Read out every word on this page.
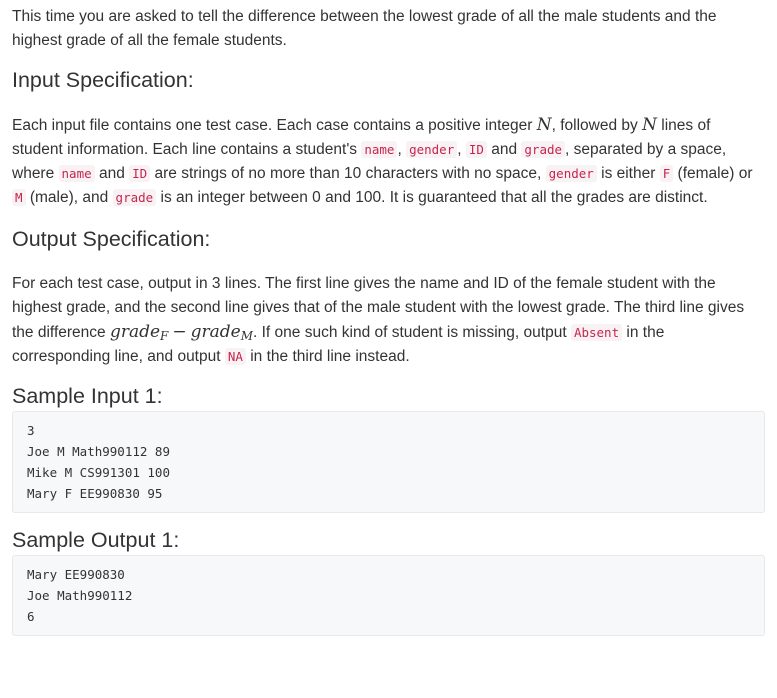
This time you are asked to tell the difference between the lowest grade of all the male students and the highest grade of all the female students.

Input Specification:

Each input file contains one test case. Each case contains a positive integer N, followed by N lines of student information. Each line contains a student's name , gender , ID and grade , separated by a space, where name and ID are strings of no more than 10 characters with no space, gender is either F (female) or M (male), and grade is an integer between 0 and 100. It is guaranteed that all the grades are distinct.

Output Specification:

For each test case, output in 3 lines. The first line gives the name and ID of the female student with the highest grade, and the second line gives that of the male student with the lowest grade. The third line gives the difference grade$_F$ − grade$_M$. If one such kind of student is missing, output Absent in the corresponding line, and output NA in the third line instead.

Sample Input 1:
3
Joe M Math990112 89
Mike M CS991301 100
Mary F EE990830 95
Sample Output 1:
Mary EE990830
Joe Math990112
6
